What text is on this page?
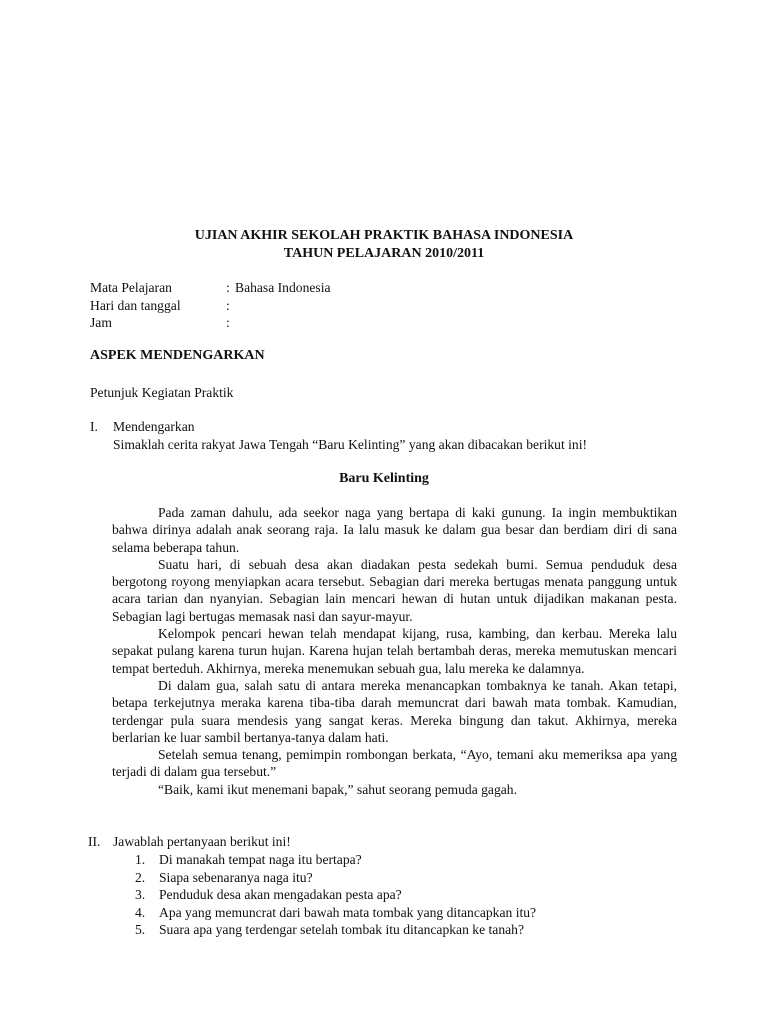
UJIAN AKHIR SEKOLAH PRAKTIK BAHASA INDONESIA
TAHUN PELAJARAN 2010/2011
Mata Pelajaran	: Bahasa Indonesia
Hari dan tanggal	:
Jam	:
ASPEK MENDENGARKAN
Petunjuk Kegiatan Praktik
I. Mendengarkan
Simaklah cerita rakyat Jawa Tengah “Baru Kelinting” yang akan dibacakan berikut ini!
Baru Kelinting

Pada zaman dahulu, ada seekor naga yang bertapa di kaki gunung. Ia ingin membuktikan bahwa dirinya adalah anak seorang raja. Ia lalu masuk ke dalam gua besar dan berdiam diri di sana selama beberapa tahun.

Suatu hari, di sebuah desa akan diadakan pesta sedekah bumi. Semua penduduk desa bergotong royong menyiapkan acara tersebut. Sebagian dari mereka bertugas menata panggung untuk acara tarian dan nyanyian. Sebagian lain mencari hewan di hutan untuk dijadikan makanan pesta. Sebagian lagi bertugas memasak nasi dan sayur-mayur.

Kelompok pencari hewan telah mendapat kijang, rusa, kambing, dan kerbau. Mereka lalu sepakat pulang karena turun hujan. Karena hujan telah bertambah deras, mereka memutuskan mencari tempat berteduh. Akhirnya, mereka menemukan sebuah gua, lalu mereka ke dalamnya.

Di dalam gua, salah satu di antara mereka menancapkan tombaknya ke tanah. Akan tetapi, betapa terkejutnya meraka karena tiba-tiba darah memuncrat dari bawah mata tombak. Kamudian, terdengar pula suara mendesis yang sangat keras. Mereka bingung dan takut. Akhirnya, mereka berlarian ke luar sambil bertanya-tanya dalam hati.

Setelah semua tenang, pemimpin rombongan berkata, “Ayo, temani aku memeriksa apa yang terjadi di dalam gua tersebut.”

“Baik, kami ikut menemani bapak,” sahut seorang pemuda gagah.

II. Jawablah pertanyaan berikut ini!
1. Di manakah tempat naga itu bertapa?
2. Siapa sebenaranya naga itu?
3. Penduduk desa akan mengadakan pesta apa?
4. Apa yang memuncrat dari bawah mata tombak yang ditancapkan itu?
5. Suara apa yang terdengar setelah tombak itu ditancapkan ke tanah?
